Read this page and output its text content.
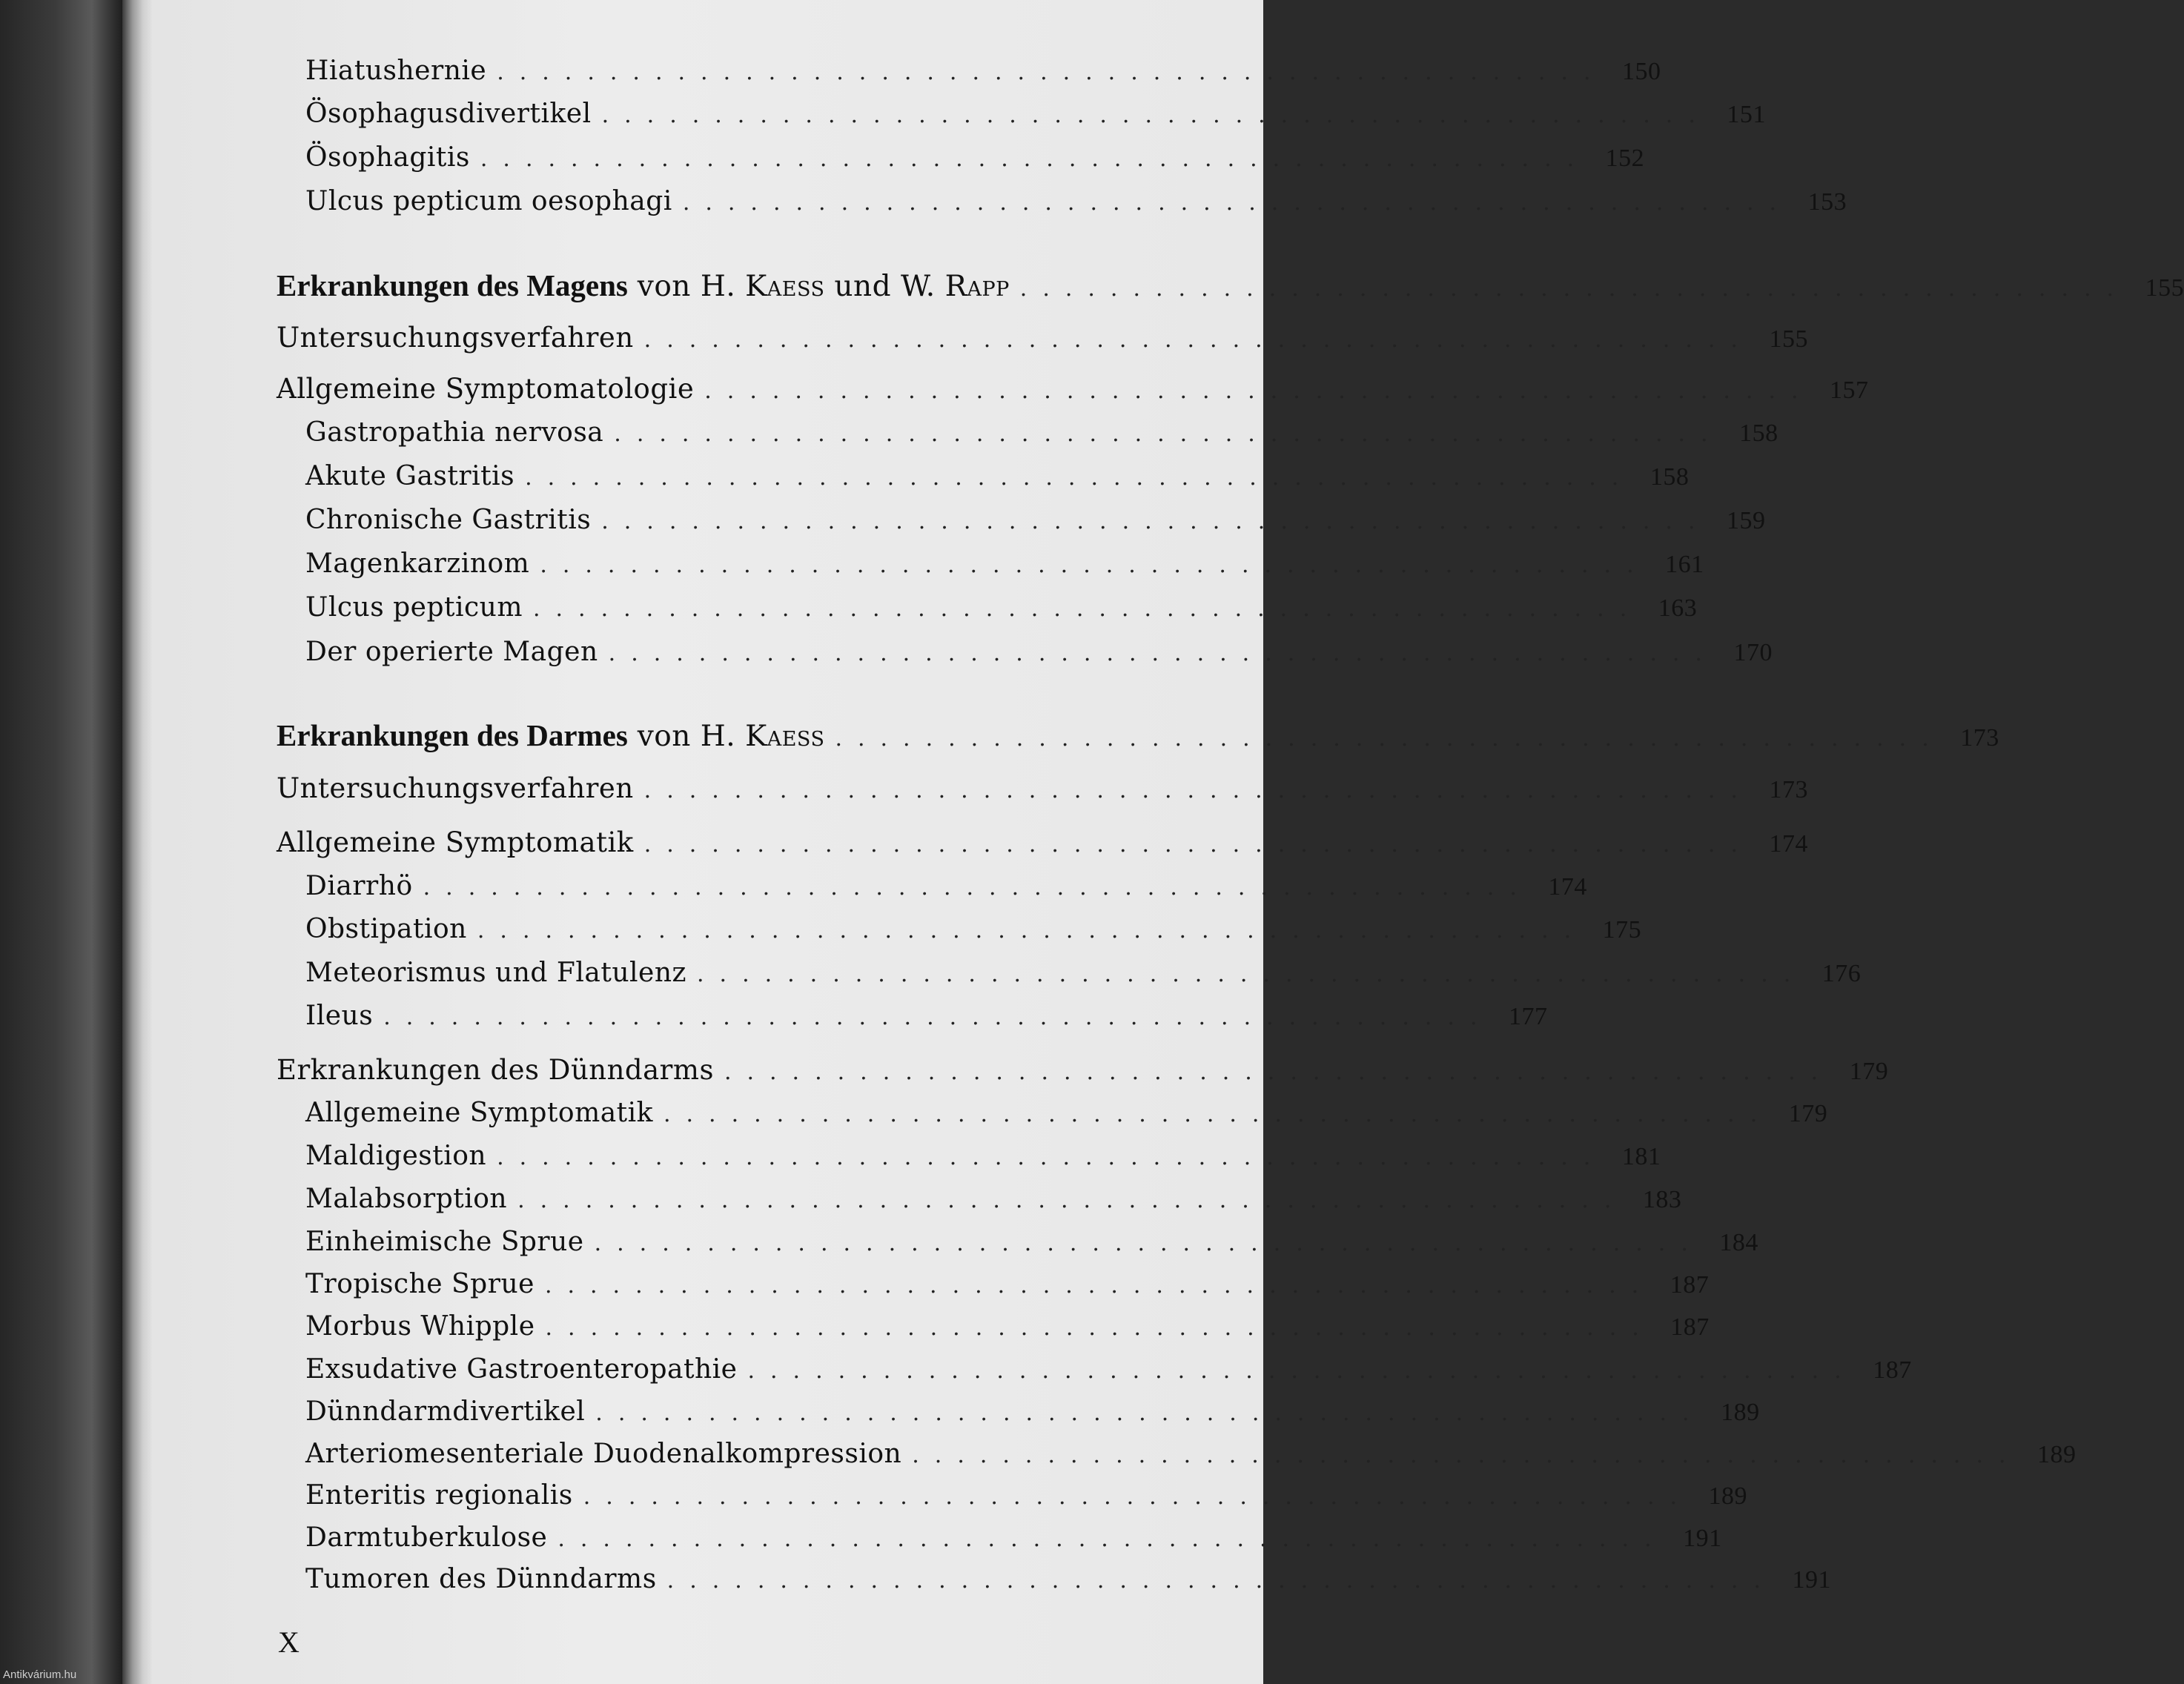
Hiatushernie ................................................. 150
Ösophagusdivertikel ................................................. 151
Ösophagitis ................................................. 152
Ulcus pepticum oesophagi ................................................. 153
Erkrankungen des Magens
von
H. Kaess
und
W. Rapp ................................................. 155
Untersuchungsverfahren ................................................. 155
Allgemeine Symptomatologie ................................................. 157
Gastropathia nervosa ................................................. 158
Akute Gastritis ................................................. 158
Chronische Gastritis ................................................. 159
Magenkarzinom ................................................. 161
Ulcus pepticum ................................................. 163
Der operierte Magen ................................................. 170
Erkrankungen des Darmes
von
H. Kaess ................................................. 173
Untersuchungsverfahren ................................................. 173
Allgemeine Symptomatik ................................................. 174
Diarrhö ................................................. 174
Obstipation ................................................. 175
Meteorismus und Flatulenz ................................................. 176
Ileus ................................................. 177
Erkrankungen des Dünndarms ................................................. 179
Allgemeine Symptomatik ................................................. 179
Maldigestion ................................................. 181
Malabsorption ................................................. 183
Einheimische Sprue ................................................. 184
Tropische Sprue ................................................. 187
Morbus Whipple ................................................. 187
Exsudative Gastroenteropathie ................................................. 187
Dünndarmdivertikel ................................................. 189
Arteriomesenteriale Duodenalkompression ................................................. 189
Enteritis regionalis ................................................. 189
Darmtuberkulose ................................................. 191
Tumoren des Dünndarms ................................................. 191
X
Antikvárium.hu
